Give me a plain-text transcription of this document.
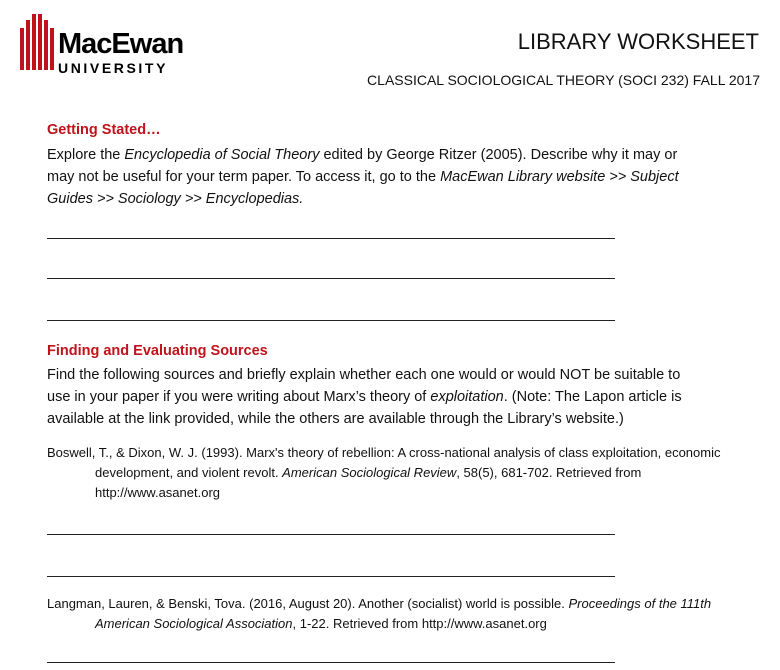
MacEwan
UNIVERSITY
LIBRARY WORKSHEET
CLASSICAL SOCIOLOGICAL THEORY (SOCI 232) FALL 2017
Getting Stated…
Explore the Encyclopedia of Social Theory edited by George Ritzer (2005). Describe why it may or may not be useful for your term paper. To access it, go to the MacEwan Library website >> Subject Guides >> Sociology >> Encyclopedias.
Finding and Evaluating Sources
Find the following sources and briefly explain whether each one would or would NOT be suitable to use in your paper if you were writing about Marx’s theory of exploitation. (Note: The Lapon article is available at the link provided, while the others are available through the Library’s website.)
Boswell, T., & Dixon, W. J. (1993). Marx's theory of rebellion: A cross-national analysis of class exploitation, economic development, and violent revolt. American Sociological Review, 58(5), 681-702. Retrieved from http://www.asanet.org
Langman, Lauren, & Benski, Tova. (2016, August 20). Another (socialist) world is possible. Proceedings of the 111th American Sociological Association, 1-22. Retrieved from http://www.asanet.org
